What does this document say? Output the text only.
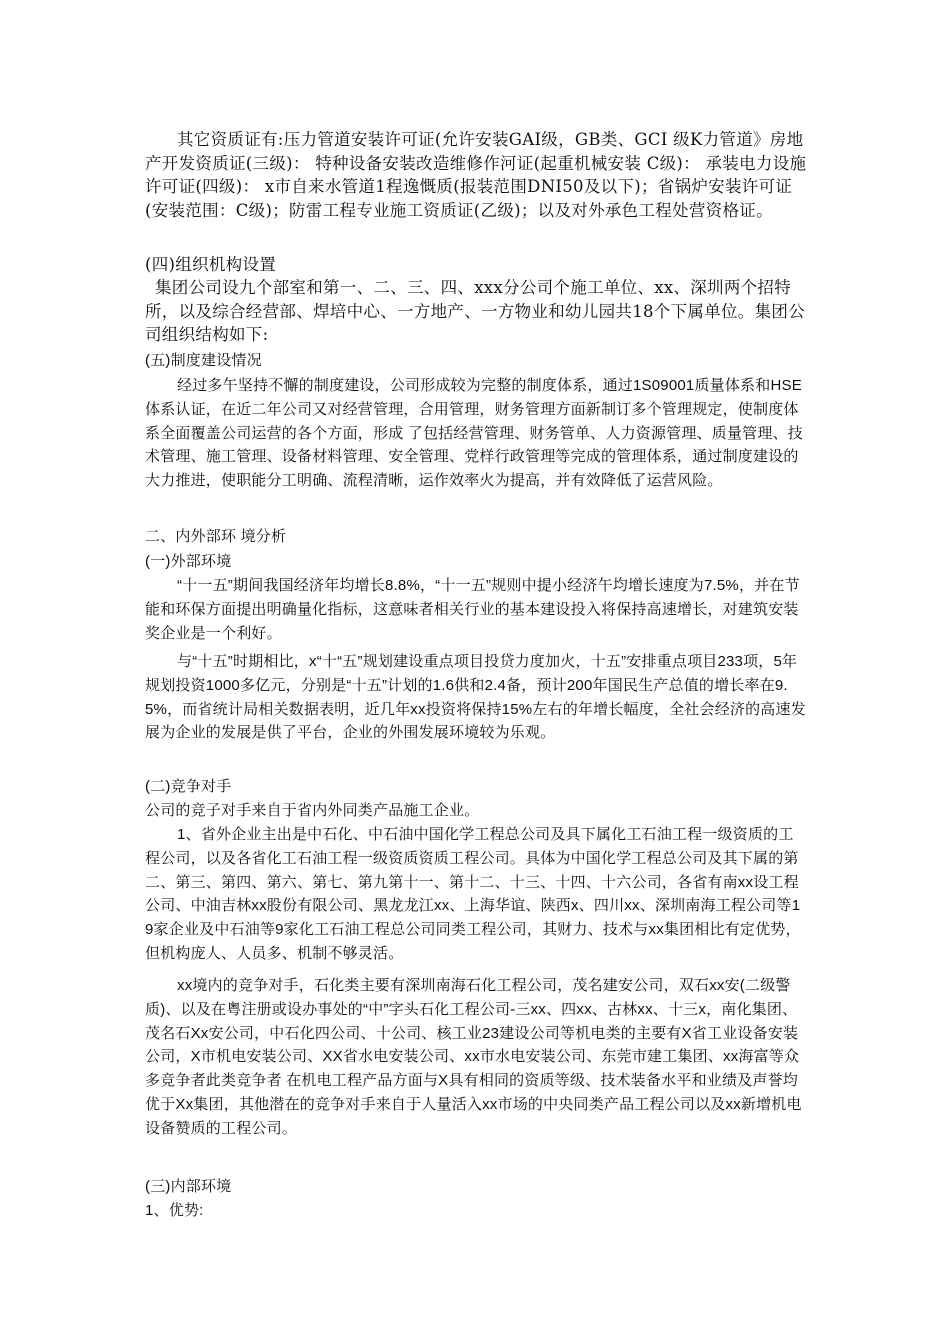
其它资质证有:压力管道安装许可证(允许安装GAI级，GB类、GCI 级K力管道》房地产开发资质证(三级)： 特种设备安装改造维修作河证(起重机械安装 C级)： 承装电力设施许可证(四级)： x市自来水管道1程逸慨质(报装范围DNI50及以下)；省锅炉安装许可证(安装范围：C级)；防雷工程专业施工资质证(乙级)；以及对外承色工程处营资格证。

(四)组织机构设置

集团公司设九个部室和第一、二、三、四、xxx分公司个施工单位、xx、深圳两个招特所，以及综合经营部、焊培中心、一方地产、一方物业和幼儿园共18个下属单位。集团公司组织结构如下:

(五)制度建设情况

经过多午坚持不懈的制度建设，公司形成较为完整的制度体系，通过1S09001质量体系和HSE体系认证，在近二年公司又对经营管理，合用管理，财务管理方面新制订多个管理规定，使制度体系全面覆盖公司运营的各个方面，形成 了包括经营管理、财务管单、人力资源管理、质量管理、技术管理、施工管理、设备材料管理、安全管理、党样行政管理等完成的管理体系，通过制度建设的大力推进，使职能分工明确、流程清晰，运作效率火为提高，并有效降低了运营风险。

二、内外部环 境分析

(一)外部环境

“十一五”期间我国经济年均增长8.8%，“十一五”规则中提小经济午均增长速度为7.5%，并在节能和环保方面提出明确量化指标，这意味者相关行业的基本建设投入将保持高速增长，对建筑安装奖企业是一个利好。

与“十五”时期相比，x“十“五”规划建设重点项目投贷力度加火，十五”安排重点项目233项，5年规划投资1000多亿元，分别是“十五”计划的1.6供和2.4备，预计200年国民生产总值的增长率在9.5%，而省统计局相关数据表明，近几年xx投资将保持15%左右的年增长幅度，全社会经济的高速发展为企业的发展是供了平台，企业的外围发展环境较为乐观。

(二)竞争对手

公司的竞子对手来自于省内外同类产品施工企业。

1、省外企业主出是中石化、中石油中国化学工程总公司及具下属化工石油工程一级资质的工程公司，以及各省化工石油工程一级资质资质工程公司。具体为中国化学工程总公司及其下属的第二、第三、第四、第六、第七、第九第十一、第十二、十三、十四、十六公司，各省有南xx设工程公司、中油吉林xx股份有限公司、黑龙龙江xx、上海华谊、陕西x、四川xx、深圳南海工程公司等19家企业及中石油等9家化工石油工程总公司同类工程公司，其财力、技术与xx集团相比有定优势，但机构庞人、人员多、机制不够灵活。

xx境内的竞争对手，石化类主要有深圳南海石化工程公司，茂名建安公司，双石xx安(二级警质)、以及在粤注册或设办事处的“中”字头石化工程公司-三xx、四xx、古林xx、十三x，南化集团、茂名石Xx安公司，中石化四公司、十公司、核工业23建设公司等机电类的主要有X省工业设备安装公司，X市机电安装公司、XX省水电安装公司、xx市水电安装公司、东莞市建工集团、xx海富等众多竞争者此类竞争者 在机电工程产品方面与X具有相同的资质等级、技术装备水平和业绩及声誉均优于Xx集团，其他潜在的竞争对手来自于人量活入xx市场的中央同类产品工程公司以及xx新增机电设备赞质的工程公司。

(三)内部环境

1、优势:
